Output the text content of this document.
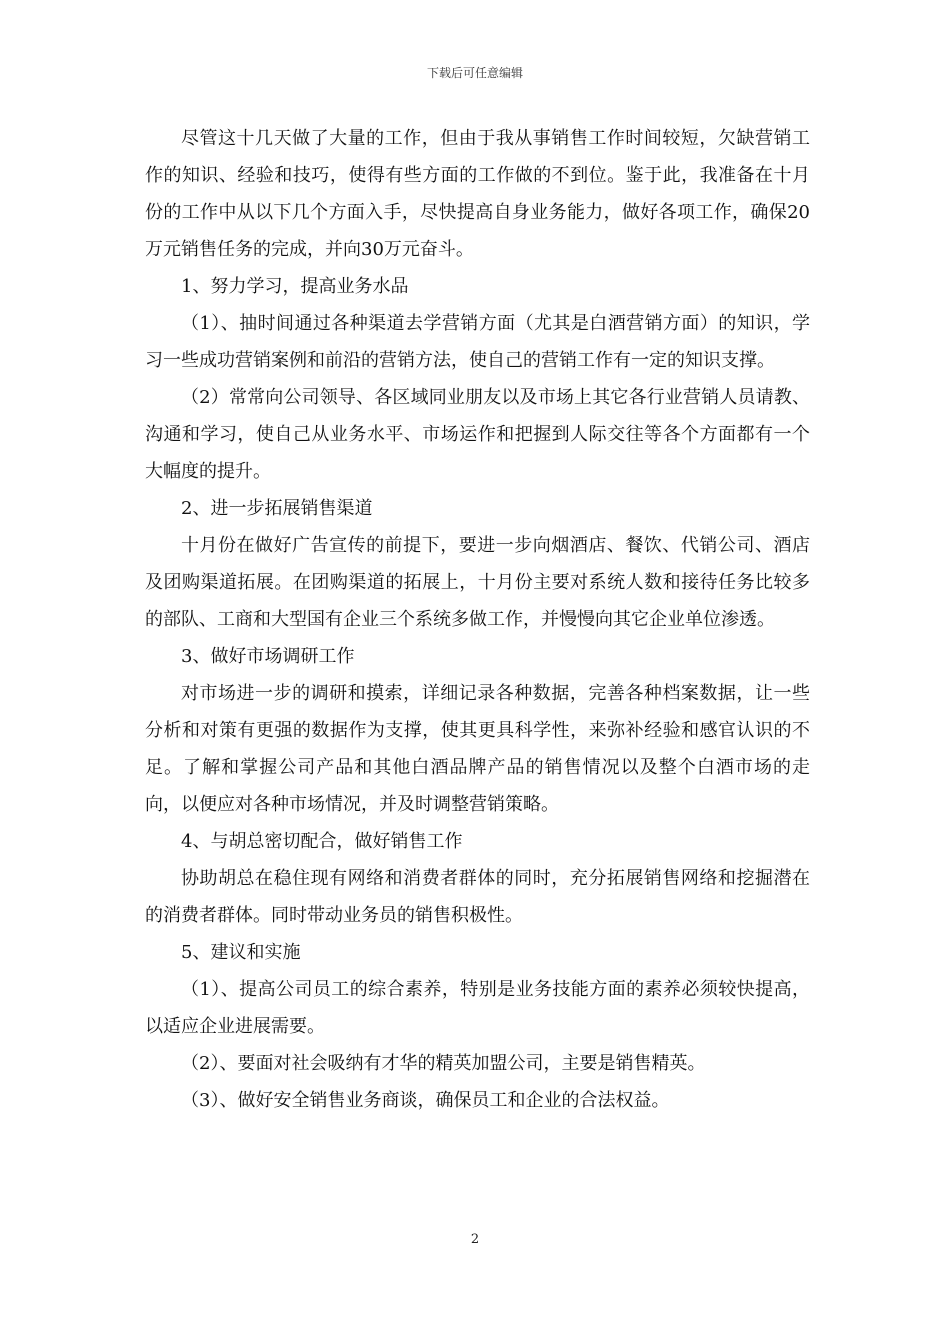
下载后可任意编辑

尽管这十几天做了大量的工作，但由于我从事销售工作时间较短，欠缺营销工作的知识、经验和技巧，使得有些方面的工作做的不到位。鉴于此，我准备在十月份的工作中从以下几个方面入手，尽快提高自身业务能力，做好各项工作，确保20万元销售任务的完成，并向30万元奋斗。

1、努力学习，提高业务水品

（1）、抽时间通过各种渠道去学营销方面（尤其是白酒营销方面）的知识，学习一些成功营销案例和前沿的营销方法，使自己的营销工作有一定的知识支撑。

（2）常常向公司领导、各区域同业朋友以及市场上其它各行业营销人员请教、沟通和学习，使自己从业务水平、市场运作和把握到人际交往等各个方面都有一个大幅度的提升。

2、进一步拓展销售渠道

十月份在做好广告宣传的前提下，要进一步向烟酒店、餐饮、代销公司、酒店及团购渠道拓展。在团购渠道的拓展上，十月份主要对系统人数和接待任务比较多的部队、工商和大型国有企业三个系统多做工作，并慢慢向其它企业单位渗透。

3、做好市场调研工作

对市场进一步的调研和摸索，详细记录各种数据，完善各种档案数据，让一些分析和对策有更强的数据作为支撑，使其更具科学性，来弥补经验和感官认识的不足。了解和掌握公司产品和其他白酒品牌产品的销售情况以及整个白酒市场的走向，以便应对各种市场情况，并及时调整营销策略。

4、与胡总密切配合，做好销售工作

协助胡总在稳住现有网络和消费者群体的同时，充分拓展销售网络和挖掘潜在的消费者群体。同时带动业务员的销售积极性。

5、建议和实施

（1）、提高公司员工的综合素养，特别是业务技能方面的素养必须较快提高，以适应企业进展需要。

（2）、要面对社会吸纳有才华的精英加盟公司，主要是销售精英。

（3）、做好安全销售业务商谈，确保员工和企业的合法权益。

2
